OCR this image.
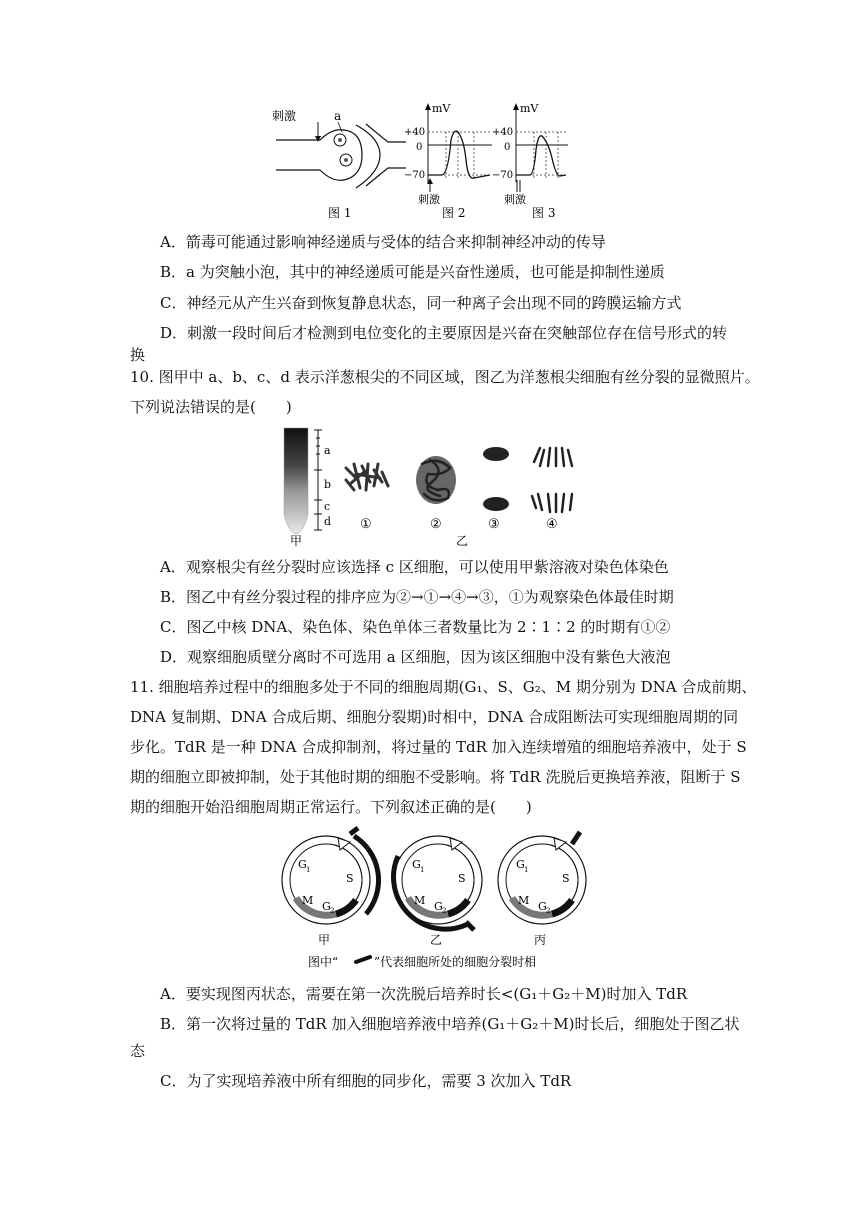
刺激	a
图 1
mV
+40
0
−70
刺激
图 2
mV
+40
0
−70
刺激
图 3
A．箭毒可能通过影响神经递质与受体的结合来抑制神经冲动的传导
B．a 为突触小泡，其中的神经递质可能是兴奋性递质，也可能是抑制性递质
C．神经元从产生兴奋到恢复静息状态，同一种离子会出现不同的跨膜运输方式
D．刺激一段时间后才检测到电位变化的主要原因是兴奋在突触部位存在信号形式的转
换
10. 图甲中 a、b、c、d 表示洋葱根尖的不同区域，图乙为洋葱根尖细胞有丝分裂的显微照片。
下列说法错误的是(　　)
a
b
c
d
甲
①	②	③	④
乙
A．观察根尖有丝分裂时应该选择 c 区细胞，可以使用甲紫溶液对染色体染色
B．图乙中有丝分裂过程的排序应为②→①→④→③，①为观察染色体最佳时期
C．图乙中核 DNA、染色体、染色单体三者数量比为 2∶1∶2 的时期有①②
D．观察细胞质壁分离时不可选用 a 区细胞，因为该区细胞中没有紫色大液泡
11. 细胞培养过程中的细胞多处于不同的细胞周期(G₁、S、G₂、M 期分别为 DNA 合成前期、
DNA 复制期、DNA 合成后期、细胞分裂期)时相中，DNA 合成阻断法可实现细胞周期的同
步化。TdR 是一种 DNA 合成抑制剂，将过量的 TdR 加入连续增殖的细胞培养液中，处于 S
期的细胞立即被抑制，处于其他时期的细胞不受影响。将 TdR 洗脱后更换培养液，阻断于 S
期的细胞开始沿细胞周期正常运行。下列叙述正确的是(　　)
G 1
S
M G 2
甲
G 1
S
M G 2
乙
G 1
S
M G 2
丙
图中“	”代表细胞所处的细胞分裂时相
A．要实现图丙状态，需要在第一次洗脱后培养时长<(G₁＋G₂＋M)时加入 TdR
B．第一次将过量的 TdR 加入细胞培养液中培养(G₁＋G₂＋M)时长后，细胞处于图乙状
态
C．为了实现培养液中所有细胞的同步化，需要 3 次加入 TdR
